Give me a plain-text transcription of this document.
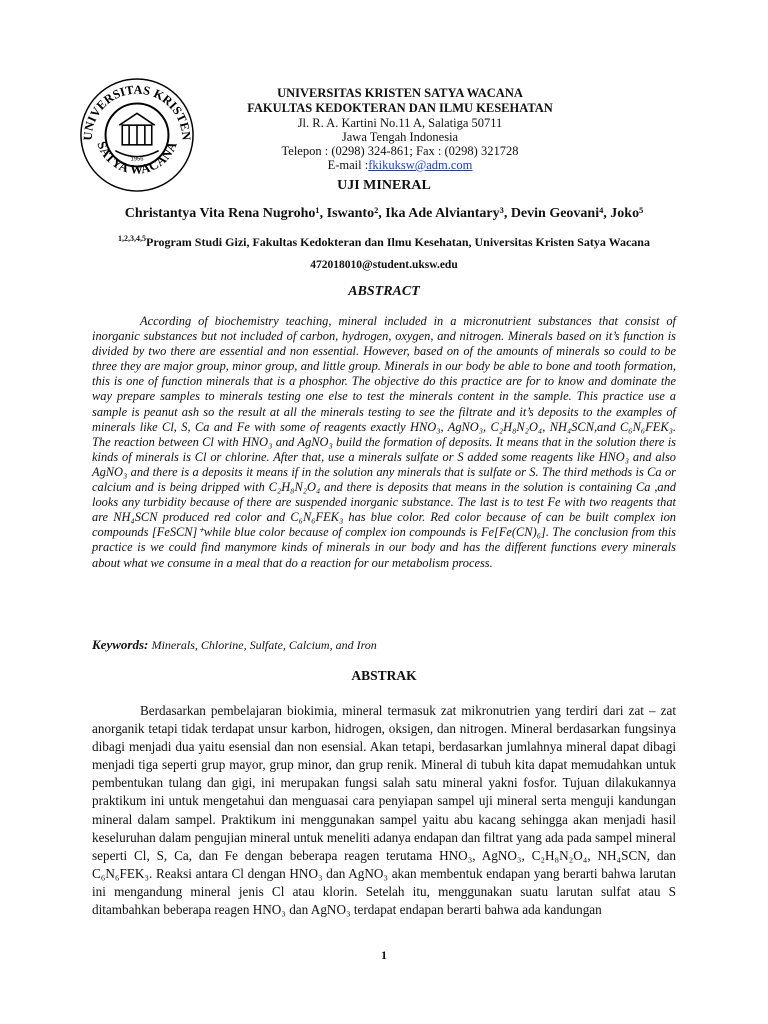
UNIVERSITAS KRISTEN
SATYA WACANA
1956
UNIVERSITAS KRISTEN SATYA WACANA
FAKULTAS KEDOKTERAN DAN ILMU KESEHATAN
Jl. R. A. Kartini No.11 A, Salatiga 50711
Jawa Tengah Indonesia
Telepon : (0298) 324-861; Fax : (0298) 321728
E-mail :fkikuksw@adm.com
UJI MINERAL
Christantya Vita Rena Nugroho¹, Iswanto², Ika Ade Alviantary³, Devin Geovani⁴, Joko⁵
$^{1,2,3,4,5}$Program Studi Gizi, Fakultas Kedokteran dan Ilmu Kesehatan, Universitas Kristen Satya Wacana
472018010@student.uksw.edu
ABSTRACT
According of biochemistry teaching, mineral included in a micronutrient substances that consist of inorganic substances but not included of carbon, hydrogen, oxygen, and nitrogen. Minerals based on it’s function is divided by two there are essential and non essential. However, based on of the amounts of minerals so could to be three they are major group, minor group, and little group. Minerals in our body be able to bone and tooth formation, this is one of function minerals that is a phosphor. The objective do this practice are for to know and dominate the way prepare samples to minerals testing one else to test the minerals content in the sample. This practice use a sample is peanut ash so the result at all the minerals testing to see the filtrate and it’s deposits to the examples of minerals like Cl, S, Ca and Fe with some of reagents exactly HNO₃, AgNO₃, C₂H₈N₂O₄, NH₄SCN,and C₆N₆FEK₃. The reaction between Cl with HNO₃ and AgNO₃ build the formation of deposits. It means that in the solution there is kinds of minerals is Cl or chlorine. After that, use a minerals sulfate or S added some reagents like HNO₃ and also AgNO₃ and there is a deposits it means if in the solution any minerals that is sulfate or S. The third methods is Ca or calcium and is being dripped with C₂H₈N₂O₄ and there is deposits that means in the solution is containing Ca ,and looks any turbidity because of there are suspended inorganic substance. The last is to test Fe with two reagents that are NH₄SCN produced red color and C₆N₆FEK₃ has blue color. Red color because of can be built complex ion compounds [FeSCN]⁺while blue color because of complex ion compounds is Fe[Fe(CN)₆]. The conclusion from this practice is we could find manymore kinds of minerals in our body and has the different functions every minerals about what we consume in a meal that do a reaction for our metabolism process.
Keywords: Minerals, Chlorine, Sulfate, Calcium, and Iron
ABSTRAK
Berdasarkan pembelajaran biokimia, mineral termasuk zat mikronutrien yang terdiri dari zat – zat anorganik tetapi tidak terdapat unsur karbon, hidrogen, oksigen, dan nitrogen. Mineral berdasarkan fungsinya dibagi menjadi dua yaitu esensial dan non esensial. Akan tetapi, berdasarkan jumlahnya mineral dapat dibagi menjadi tiga seperti grup mayor, grup minor, dan grup renik. Mineral di tubuh kita dapat memudahkan untuk pembentukan tulang dan gigi, ini merupakan fungsi salah satu mineral yakni fosfor. Tujuan dilakukannya praktikum ini untuk mengetahui dan menguasai cara penyiapan sampel uji mineral serta menguji kandungan mineral dalam sampel. Praktikum ini menggunakan sampel yaitu abu kacang sehingga akan menjadi hasil keseluruhan dalam pengujian mineral untuk meneliti adanya endapan dan filtrat yang ada pada sampel mineral seperti Cl, S, Ca, dan Fe dengan beberapa reagen terutama HNO₃, AgNO₃, C₂H₈N₂O₄, NH₄SCN, dan C₆N₆FEK₃. Reaksi antara Cl dengan HNO₃ dan AgNO₃ akan membentuk endapan yang berarti bahwa larutan ini mengandung mineral jenis Cl atau klorin. Setelah itu, menggunakan suatu larutan sulfat atau S ditambahkan beberapa reagen HNO₃ dan AgNO₃ terdapat endapan berarti bahwa ada kandungan
1
